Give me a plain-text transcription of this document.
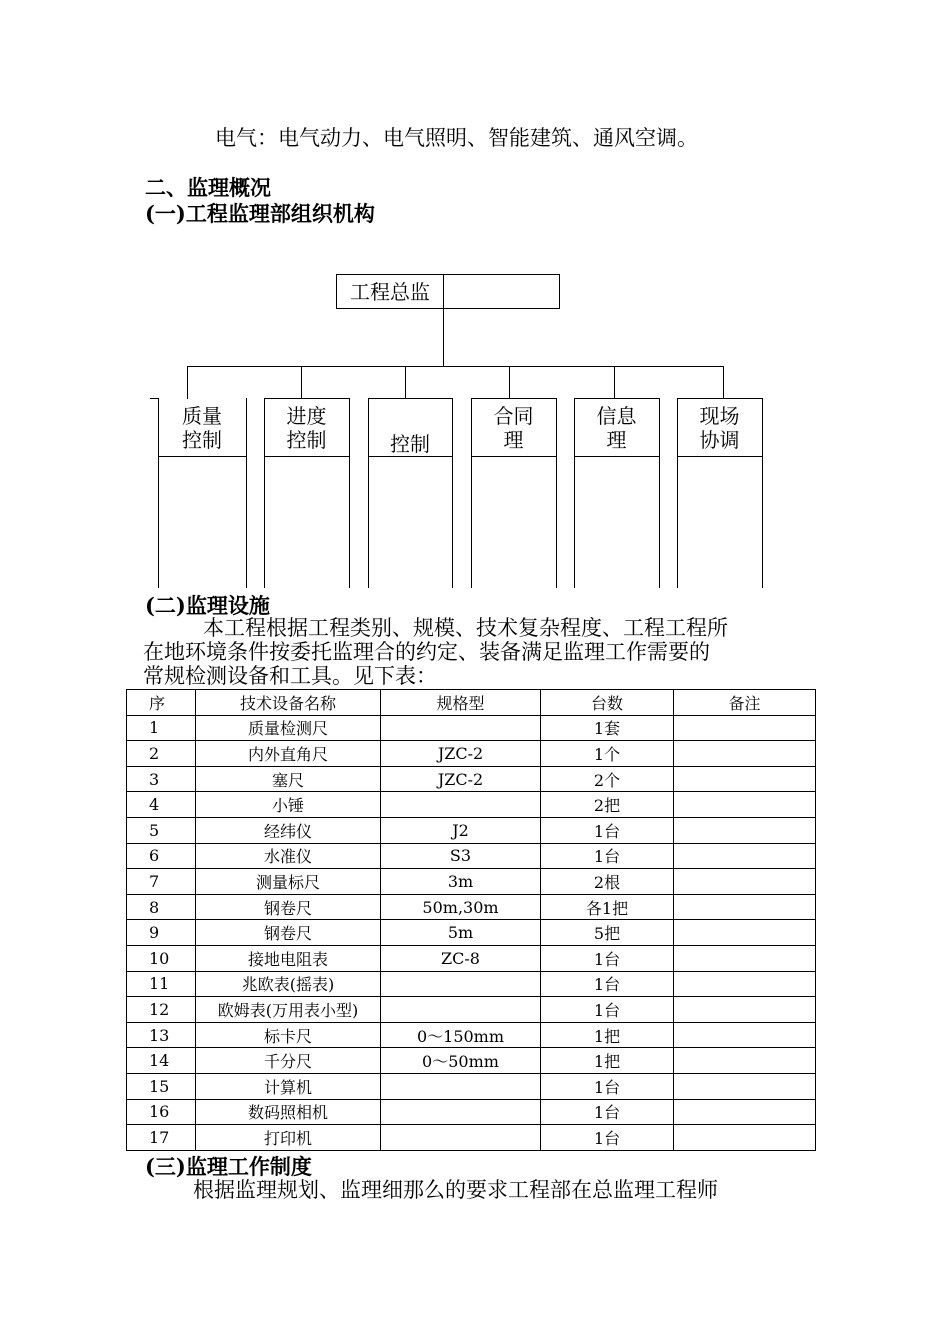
电气：电气动力、电气照明、智能建筑、通风空调。
二、监理概况
(一)工程监理部组织机构
工程总监
质量
控制
进度
控制	控制
合同
理
信息
理
现场
协调
(二)监理设施
本工程根据工程类别、规模、技术复杂程度、工程工程所
在地环境条件按委托监理合的约定、装备满足监理工作需要的
常规检测设备和工具。见下表：
序	技术设备名称	规格型	台数	备注
1	质量检测尺		1套	
2	内外直角尺	JZC-2	1个	
3	塞尺	JZC-2	2个	
4	小锤		2把	
5	经纬仪	J2	1台	
6	水准仪	S3	1台	
7	测量标尺	3m	2根	
8	钢卷尺	50m,30m	各1把	
9	钢卷尺	5m	5把	
10	接地电阻表	ZC-8	1台	
11	兆欧表(摇表)		1台	
12	欧姆表(万用表小型)		1台	
13	标卡尺	0～150mm	1把	
14	千分尺	0～50mm	1把	
15	计算机		1台	
16	数码照相机		1台	
17	打印机		1台	
(三)监理工作制度
根据监理规划、监理细那么的要求工程部在总监理工程师
